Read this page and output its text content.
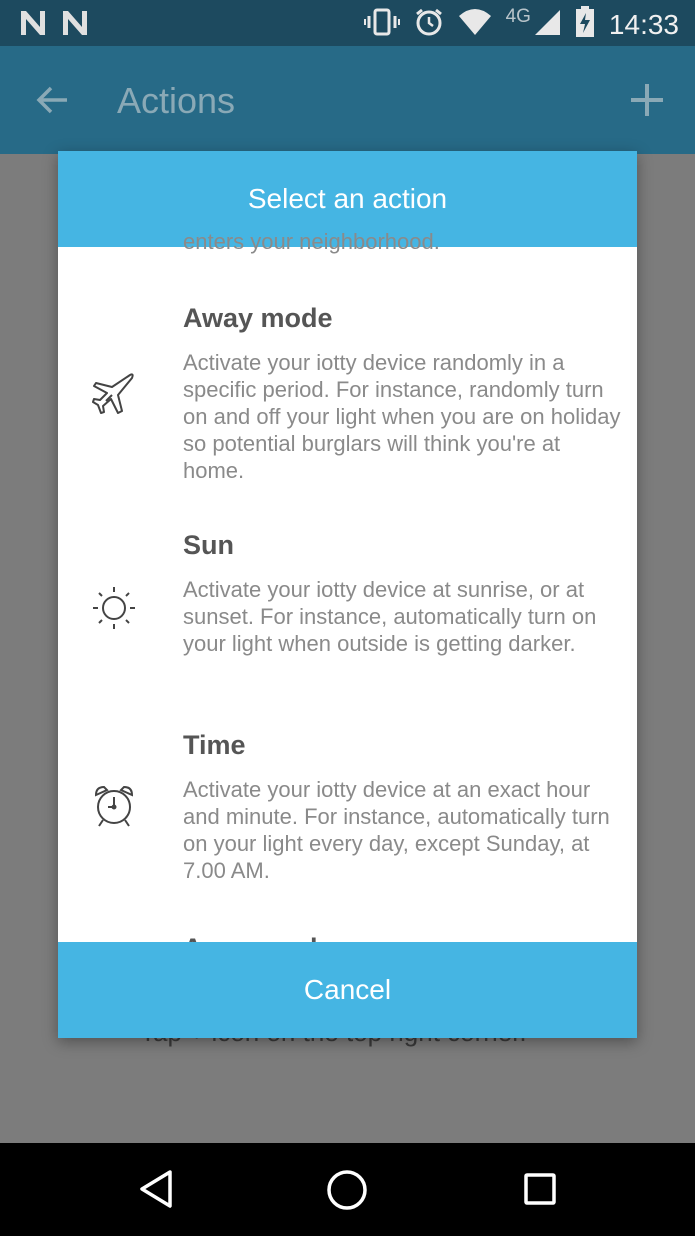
4G	14:33
Actions
Select an action
enters your neighborhood.
Away mode
Activate your iotty device randomly in a specific period. For instance, randomly turn on and off your light when you are on holiday so potential burglars will think you're at home.
Sun
Activate your iotty device at sunrise, or at sunset. For instance, automatically turn on your light when outside is getting darker.
Time
Activate your iotty device at an exact hour and minute. For instance, automatically turn on your light every day, except Sunday, at 7.00 AM.
Cancel
